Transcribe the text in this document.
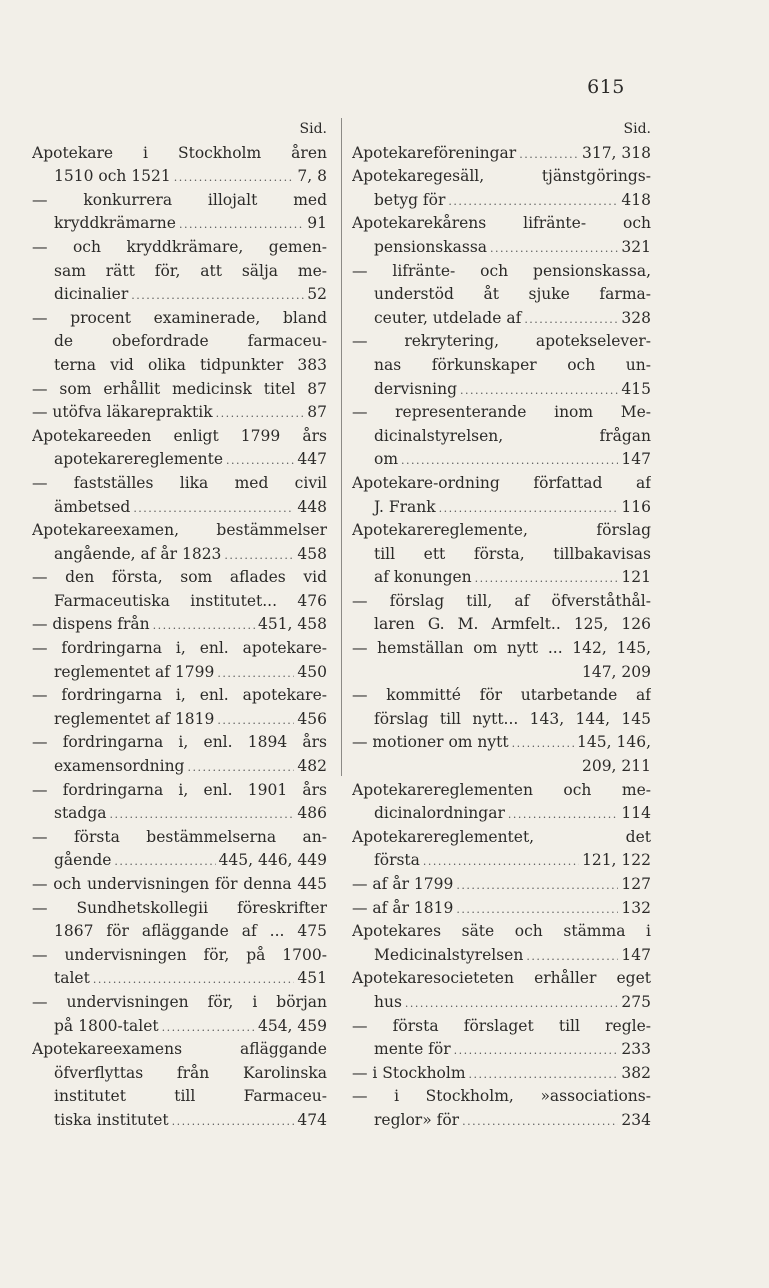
615
Sid.
Apotekare i Stockholm åren
1510 och 1521 . . .	7, 8
— konkurrera illojalt med
kryddkrämarne . . .	91
— och kryddkrämare, gemen-
sam rätt för, att sälja me-
dicinalier . . .	52
— procent examinerade, bland
de obefordrade farmaceu-
terna vid olika tidpunkter 383
— som erhållit medicinsk titel 87
— utöfva läkarepraktik . . .	87
Apotekareeden enligt 1799 års
apotekarereglemente . . .	447
— fastställes lika med civil
ämbetsed . . .	448
Apotekareexamen, bestämmelser
angående, af år 1823 . . .	458
— den första, som aflades vid
Farmaceutiska institutet... 476
— dispens från . . .	451, 458
— fordringarna i, enl. apotekare-
reglementet af 1799 . . .	450
— fordringarna i, enl. apotekare-
reglementet af 1819 . . .	456
— fordringarna i, enl. 1894 års
examensordning . . .	482
— fordringarna i, enl. 1901 års
stadga . . .	486
— första bestämmelserna an-
gående . . .	445, 446, 449
— och undervisningen för denna 445
— Sundhetskollegii föreskrifter
1867 för afläggande af ... 475
— undervisningen för, på 1700-
talet . . .	451
— undervisningen för, i början
på 1800-talet . . .	454, 459
Apotekareexamens afläggande
öfverflyttas från Karolinska
institutet till Farmaceu-
tiska institutet . . .	474
Sid.
Apotekareföreningar . . .	317, 318
Apotekaregesäll, tjänstgörings-
betyg för . . .	418
Apotekarekårens lifränte- och
pensionskassa . . .	321
— lifränte- och pensionskassa,
understöd åt sjuke farma-
ceuter, utdelade af . . .	328
— rekrytering, apotekselever-
nas förkunskaper och un-
dervisning . . .	415
— representerande inom Me-
dicinalstyrelsen, frågan
om . . .	147
Apotekare-ordning författad af
J. Frank . . .	116
Apotekarereglemente, förslag
till ett första, tillbakavisas
af konungen . . .	121
— förslag till, af öfverståthål-
laren G. M. Armfelt.. 125, 126
— hemställan om nytt ... 142, 145,
147, 209
— kommitté för utarbetande af
förslag till nytt... 143, 144, 145
— motioner om nytt . . .	145, 146,
209, 211
Apotekarereglementen och me-
dicinalordningar . . .	114
Apotekarereglementet, det
första . . .	121, 122
— af år 1799 . . .	127
— af år 1819 . . .	132
Apotekares säte och stämma i
Medicinalstyrelsen . . .	147
Apotekaresocieteten erhåller eget
hus . . .	275
— första förslaget till regle-
mente för . . .	233
— i Stockholm . . .	382
— i Stockholm, »associations-
reglor» för . . .	234
